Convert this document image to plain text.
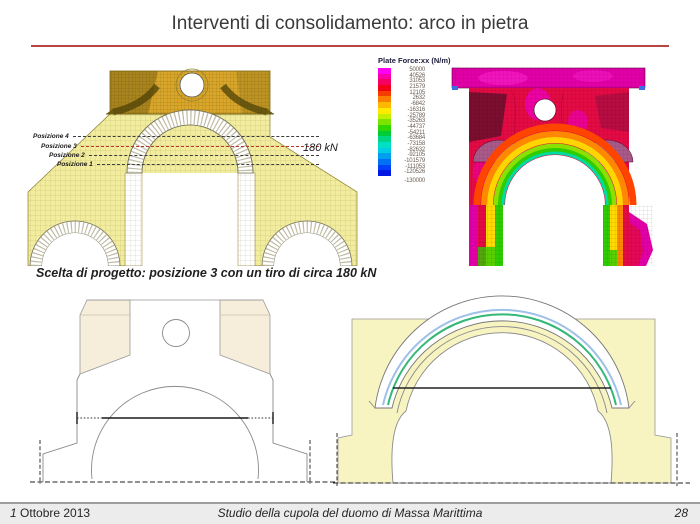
Interventi di consolidamento: arco in pietra
Posizione 4
Posizione 3
Posizione 2
Posizione 1
180 kN
Plate Force:xx (N/m)
50000
40526
31053
21579
12105
2632
-6842
-16316
-25789
-35263
-44737
-54211
-63684
-73158
-82632
-92105
-101579
-111053
-120526
-130000
Scelta di progetto: posizione 3 con un tiro di circa 180 kN
1 Ottobre 2013	Studio della cupola del duomo di Massa Marittima	28
